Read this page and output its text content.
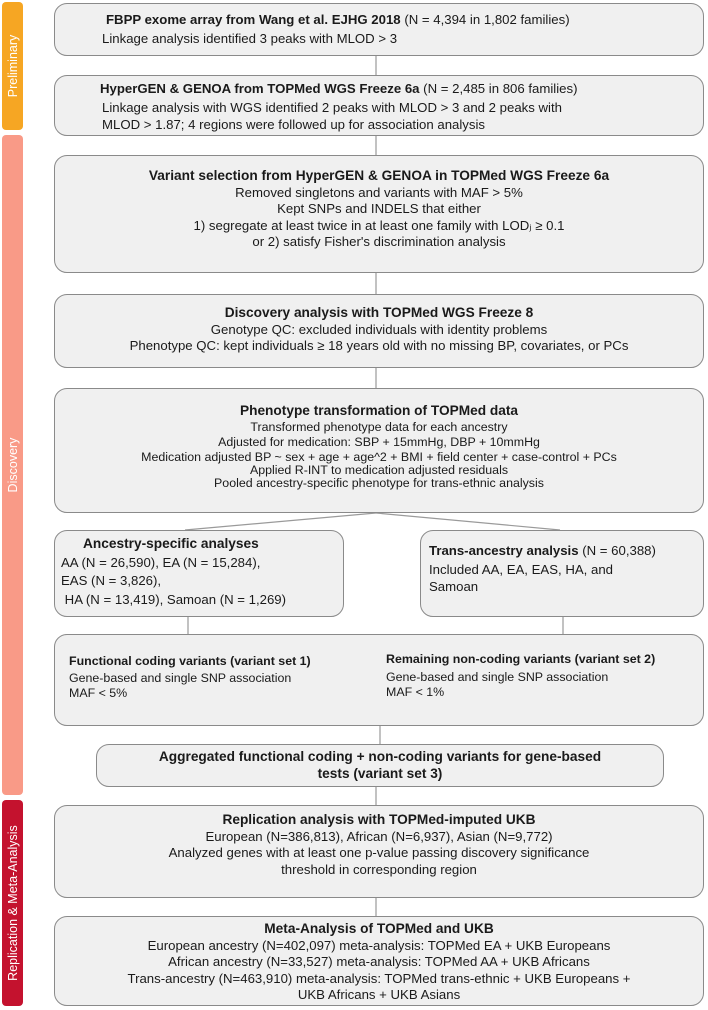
Preliminary
Discovery
Replication & Meta-Analysis
FBPP exome array from Wang et al. EJHG 2018 (N = 4,394 in 1,802 families)
Linkage analysis identified 3 peaks with MLOD > 3
HyperGEN & GENOA from TOPMed WGS Freeze 6a (N = 2,485 in 806 families)
Linkage analysis with WGS identified 2 peaks with MLOD > 3 and 2 peaks with
MLOD > 1.87; 4 regions were followed up for association analysis
Variant selection from HyperGEN & GENOA in TOPMed WGS Freeze 6a
Removed singletons and variants with MAF > 5%
Kept SNPs and INDELS that either
1) segregate at least twice in at least one family with LODⱼ ≥ 0.1
or 2) satisfy Fisher's discrimination analysis
Discovery analysis with TOPMed WGS Freeze 8
Genotype QC: excluded individuals with identity problems
Phenotype QC: kept individuals ≥ 18 years old with no missing BP, covariates, or PCs
Phenotype transformation of TOPMed data
Transformed phenotype data for each ancestry
Adjusted for medication: SBP + 15mmHg, DBP + 10mmHg
Medication adjusted BP ~ sex + age + age^2 + BMI + field center + case-control + PCs
Applied R-INT to medication adjusted residuals
Pooled ancestry-specific phenotype for trans-ethnic analysis
Ancestry-specific analyses
AA (N = 26,590), EA (N = 15,284),
EAS (N = 3,826),
HA (N = 13,419), Samoan (N = 1,269)
Trans-ancestry analysis (N = 60,388)
Included AA, EA, EAS, HA, and
Samoan
Functional coding variants (variant set 1)
Gene-based and single SNP association
MAF < 5%
Remaining non-coding variants (variant set 2)
Gene-based and single SNP association
MAF < 1%
Aggregated functional coding + non-coding variants for gene-based
tests (variant set 3)
Replication analysis with TOPMed-imputed UKB
European (N=386,813), African (N=6,937), Asian (N=9,772)
Analyzed genes with at least one p-value passing discovery significance
threshold in corresponding region
Meta-Analysis of TOPMed and UKB
European ancestry (N=402,097) meta-analysis: TOPMed EA + UKB Europeans
African ancestry (N=33,527) meta-analysis: TOPMed AA + UKB Africans
Trans-ancestry (N=463,910) meta-analysis: TOPMed trans-ethnic + UKB Europeans +
UKB Africans + UKB Asians
